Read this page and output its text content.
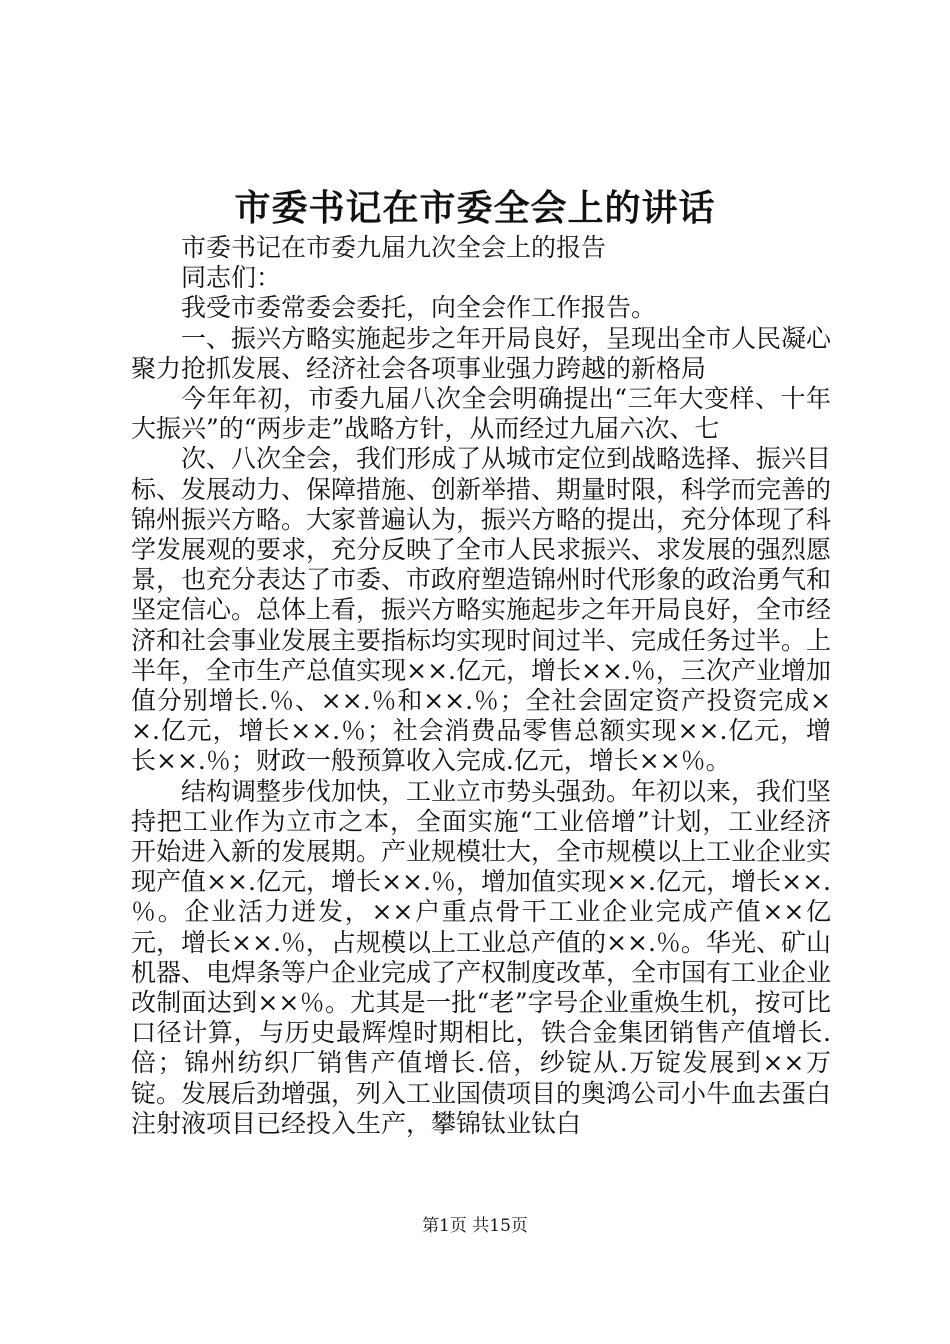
市委书记在市委全会上的讲话

市委书记在市委九届九次全会上的报告

同志们：

我受市委常委会委托，向全会作工作报告。

一、振兴方略实施起步之年开局良好，呈现出全市人民凝心聚力抢抓发展、经济社会各项事业强力跨越的新格局

今年年初，市委九届八次全会明确提出“三年大变样、十年大振兴”的“两步走”战略方针，从而经过九届六次、七

次、八次全会，我们形成了从城市定位到战略选择、振兴目标、发展动力、保障措施、创新举措、期量时限，科学而完善的锦州振兴方略。大家普遍认为，振兴方略的提出，充分体现了科学发展观的要求，充分反映了全市人民求振兴、求发展的强烈愿景，也充分表达了市委、市政府塑造锦州时代形象的政治勇气和坚定信心。总体上看，振兴方略实施起步之年开局良好，全市经济和社会事业发展主要指标均实现时间过半、完成任务过半。上半年，全市生产总值实现××.亿元，增长××.％，三次产业增加值分别增长.％、××.％和××.％；全社会固定资产投资完成××.亿元，增长××.％；社会消费品零售总额实现××.亿元，增长××.％；财政一般预算收入完成.亿元，增长××％。

结构调整步伐加快，工业立市势头强劲。年初以来，我们坚持把工业作为立市之本，全面实施“工业倍增”计划，工业经济开始进入新的发展期。产业规模壮大，全市规模以上工业企业实现产值××.亿元，增长××.％，增加值实现××.亿元，增长××.％。企业活力迸发，××户重点骨干工业企业完成产值××亿元，增长××.％，占规模以上工业总产值的××.％。华光、矿山机器、电焊条等户企业完成了产权制度改革，全市国有工业企业改制面达到××％。尤其是一批“老”字号企业重焕生机，按可比口径计算，与历史最辉煌时期相比，铁合金集团销售产值增长.倍；锦州纺织厂销售产值增长.倍，纱锭从.万锭发展到××万锭。发展后劲增强，列入工业国债项目的奥鸿公司小牛血去蛋白注射液项目已经投入生产，攀锦钛业钛白

第1页 共15页
